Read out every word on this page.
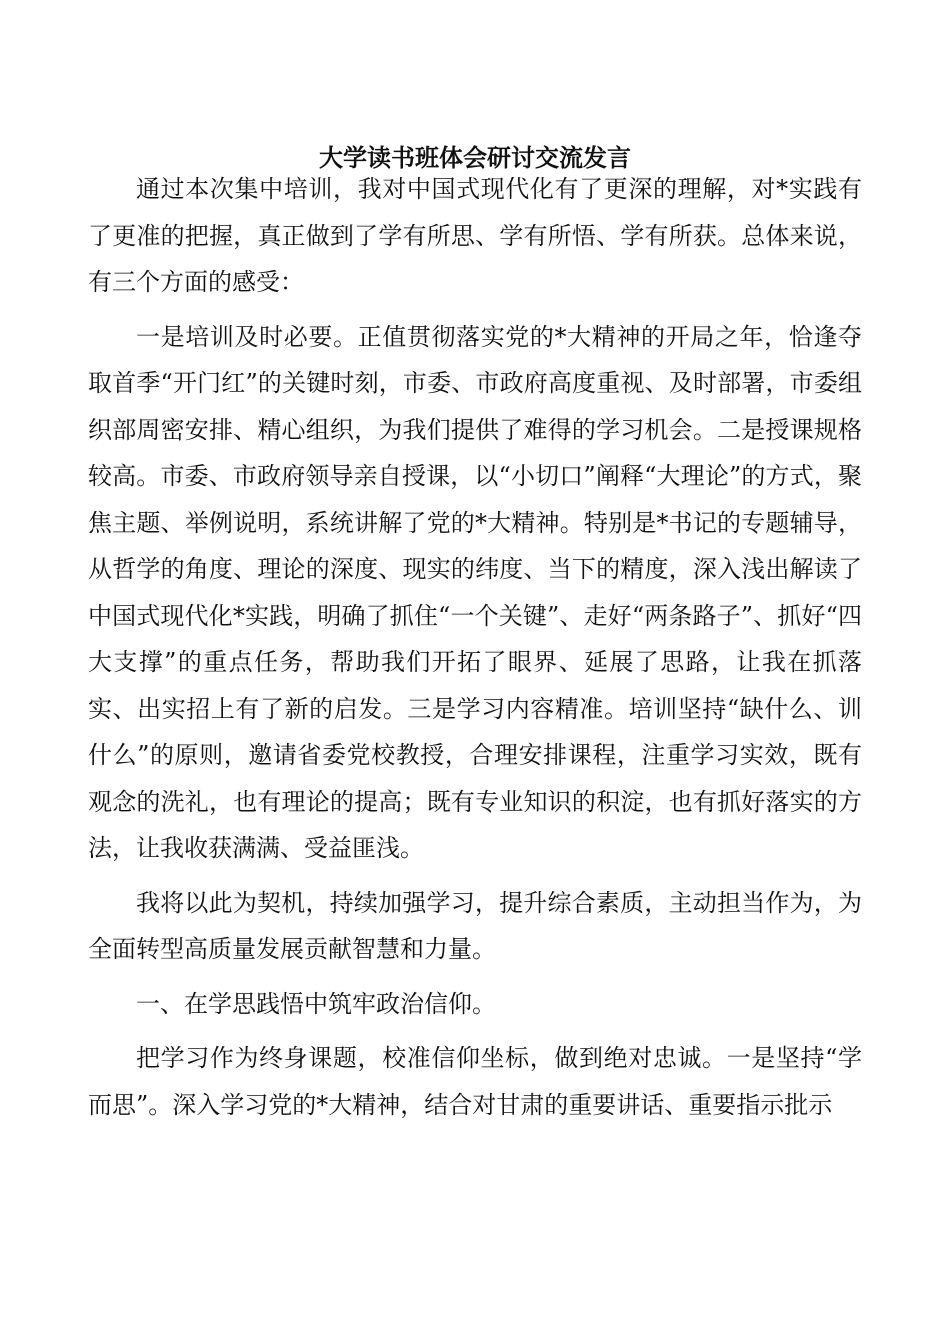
大学读书班体会研讨交流发言

通过本次集中培训，我对中国式现代化有了更深的理解，对*实践有了更准的把握，真正做到了学有所思、学有所悟、学有所获。总体来说，有三个方面的感受：

一是培训及时必要。正值贯彻落实党的*大精神的开局之年，恰逢夺取首季“开门红”的关键时刻，市委、市政府高度重视、及时部署，市委组织部周密安排、精心组织，为我们提供了难得的学习机会。二是授课规格较高。市委、市政府领导亲自授课，以“小切口”阐释“大理论”的方式，聚焦主题、举例说明，系统讲解了党的*大精神。特别是*书记的专题辅导，从哲学的角度、理论的深度、现实的纬度、当下的精度，深入浅出解读了中国式现代化*实践，明确了抓住“一个关键”、走好“两条路子”、抓好“四大支撑”的重点任务，帮助我们开拓了眼界、延展了思路，让我在抓落实、出实招上有了新的启发。三是学习内容精准。培训坚持“缺什么、训什么”的原则，邀请省委党校教授，合理安排课程，注重学习实效，既有观念的洗礼，也有理论的提高；既有专业知识的积淀，也有抓好落实的方法，让我收获满满、受益匪浅。

我将以此为契机，持续加强学习，提升综合素质，主动担当作为，为全面转型高质量发展贡献智慧和力量。

一、在学思践悟中筑牢政治信仰。

把学习作为终身课题，校准信仰坐标，做到绝对忠诚。一是坚持“学而思”。深入学习党的*大精神，结合对甘肃的重要讲话、重要指示批示
